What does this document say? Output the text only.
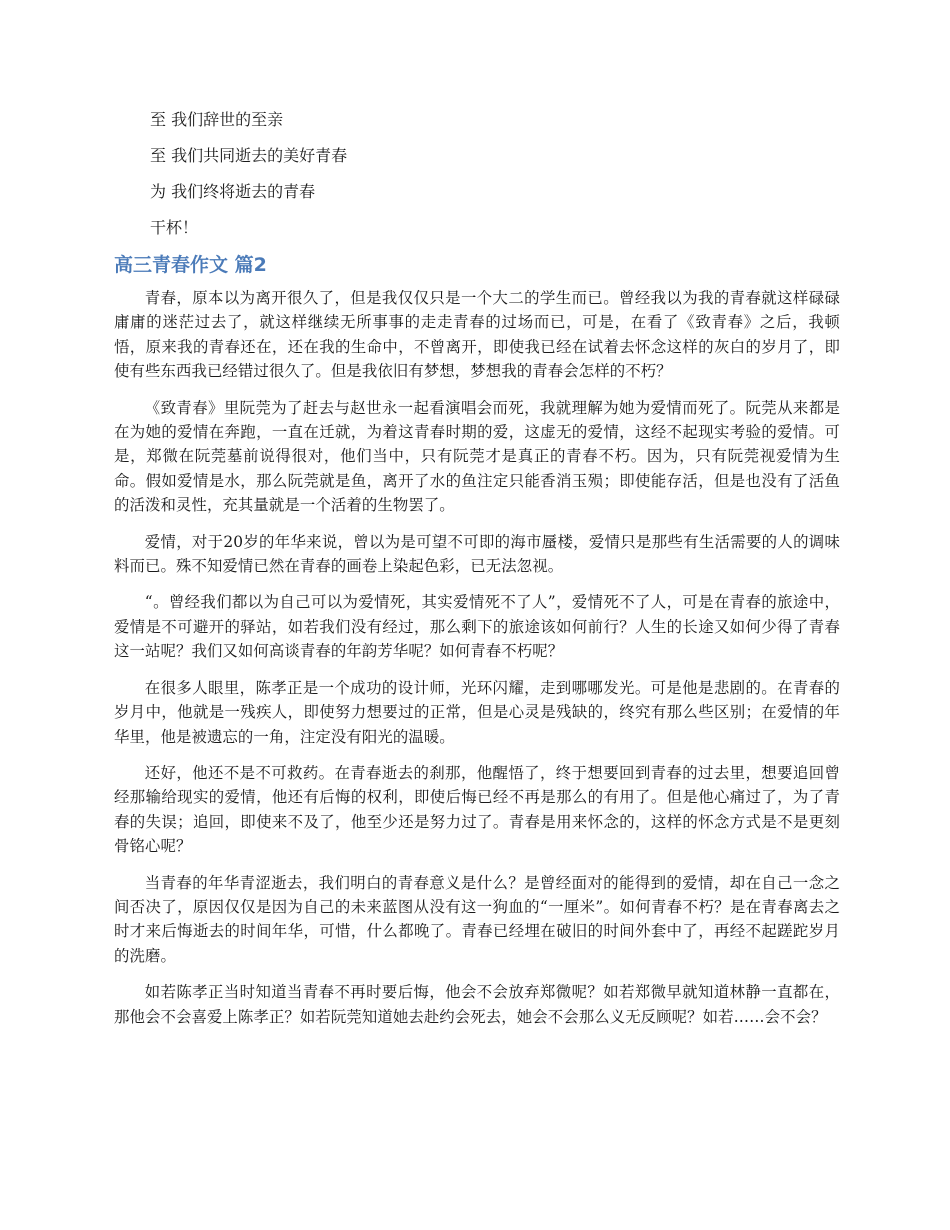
至 我们辞世的至亲
至 我们共同逝去的美好青春
为 我们终将逝去的青春
干杯！
高三青春作文 篇2

青春，原本以为离开很久了，但是我仅仅只是一个大二的学生而已。曾经我以为我的青春就这样碌碌庸庸的迷茫过去了，就这样继续无所事事的走走青春的过场而已，可是，在看了《致青春》之后，我顿悟，原来我的青春还在，还在我的生命中，不曾离开，即使我已经在试着去怀念这样的灰白的岁月了，即使有些东西我已经错过很久了。但是我依旧有梦想，梦想我的青春会怎样的不朽？

《致青春》里阮莞为了赶去与赵世永一起看演唱会而死，我就理解为她为爱情而死了。阮莞从来都是在为她的爱情在奔跑，一直在迁就，为着这青春时期的爱，这虚无的爱情，这经不起现实考验的爱情。可是，郑微在阮莞墓前说得很对，他们当中，只有阮莞才是真正的青春不朽。因为，只有阮莞视爱情为生命。假如爱情是水，那么阮莞就是鱼，离开了水的鱼注定只能香消玉殒；即使能存活，但是也没有了活鱼的活泼和灵性，充其量就是一个活着的生物罢了。

爱情，对于20岁的年华来说，曾以为是可望不可即的海市蜃楼，爱情只是那些有生活需要的人的调味料而已。殊不知爱情已然在青春的画卷上染起色彩，已无法忽视。

“。曾经我们都以为自己可以为爱情死，其实爱情死不了人”，爱情死不了人，可是在青春的旅途中，爱情是不可避开的驿站，如若我们没有经过，那么剩下的旅途该如何前行？人生的长途又如何少得了青春这一站呢？我们又如何高谈青春的年韵芳华呢？如何青春不朽呢？

在很多人眼里，陈孝正是一个成功的设计师，光环闪耀，走到哪哪发光。可是他是悲剧的。在青春的岁月中，他就是一残疾人，即使努力想要过的正常，但是心灵是残缺的，终究有那么些区别；在爱情的年华里，他是被遗忘的一角，注定没有阳光的温暖。

还好，他还不是不可救药。在青春逝去的刹那，他醒悟了，终于想要回到青春的过去里，想要追回曾经那输给现实的爱情，他还有后悔的权利，即使后悔已经不再是那么的有用了。但是他心痛过了，为了青春的失误；追回，即使来不及了，他至少还是努力过了。青春是用来怀念的，这样的怀念方式是不是更刻骨铭心呢？

当青春的年华青涩逝去，我们明白的青春意义是什么？是曾经面对的能得到的爱情，却在自己一念之间否决了，原因仅仅是因为自己的未来蓝图从没有这一狗血的“一厘米”。如何青春不朽？是在青春离去之时才来后悔逝去的时间年华，可惜，什么都晚了。青春已经埋在破旧的时间外套中了，再经不起蹉跎岁月的洗磨。

如若陈孝正当时知道当青春不再时要后悔，他会不会放弃郑微呢？如若郑微早就知道林静一直都在，那他会不会喜爱上陈孝正？如若阮莞知道她去赴约会死去，她会不会那么义无反顾呢？如若……会不会？
